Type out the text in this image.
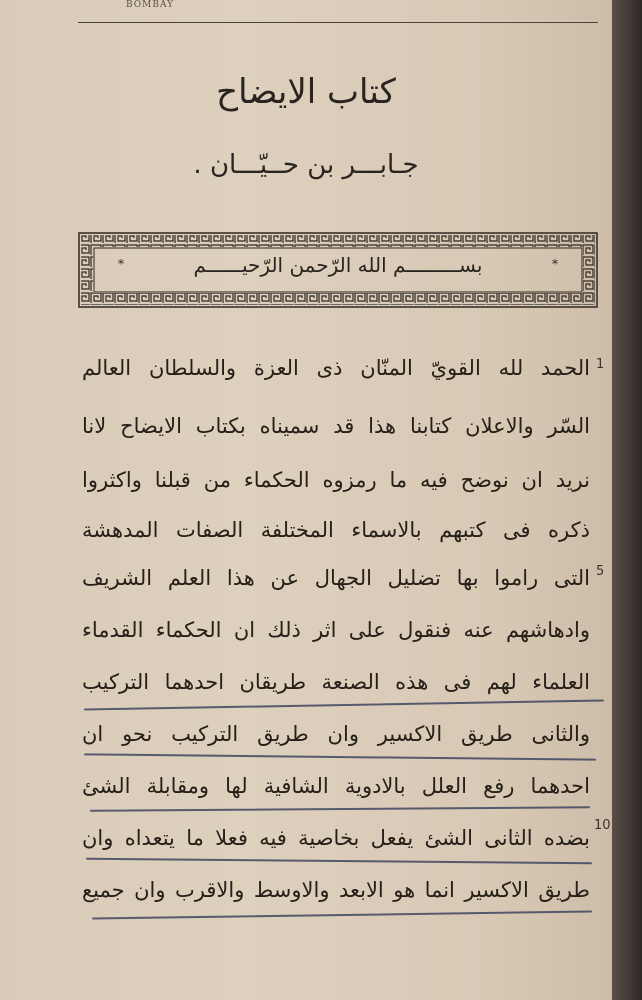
BOMBAY
كتاب الايضاح
جـابـــر بن حــيّـــان .
*	*
بســـــــــم الله الرّحمن الرّحيــــــم
الحمد لله القويّ المنّان ذى العزة والسلطان العالم
السّر والاعلان كتابنا هذا قد سميناه بكتاب الايضاح لانا
نريد ان نوضح فيه ما رمزوه الحكماء من قبلنا واكثروا
ذكره فى كتبهم بالاسماء المختلفة الصفات المدهشة
التى راموا بها تضليل الجهال عن هذا العلم الشريف
وادهاشهم عنه فنقول على اثر ذلك ان الحكماء القدماء
العلماء لهم فى هذه الصنعة طريقان احدهما التركيب
والثانى طريق الاكسير وان طريق التركيب نحو ان
احدهما رفع العلل بالادوية الشافية لها ومقابلة الشئ
بضده الثانى الشئ يفعل بخاصية فيه فعلا ما يتعداه وان
طريق الاكسير انما هو الابعد والاوسط والاقرب وان جميع
1
5
10
